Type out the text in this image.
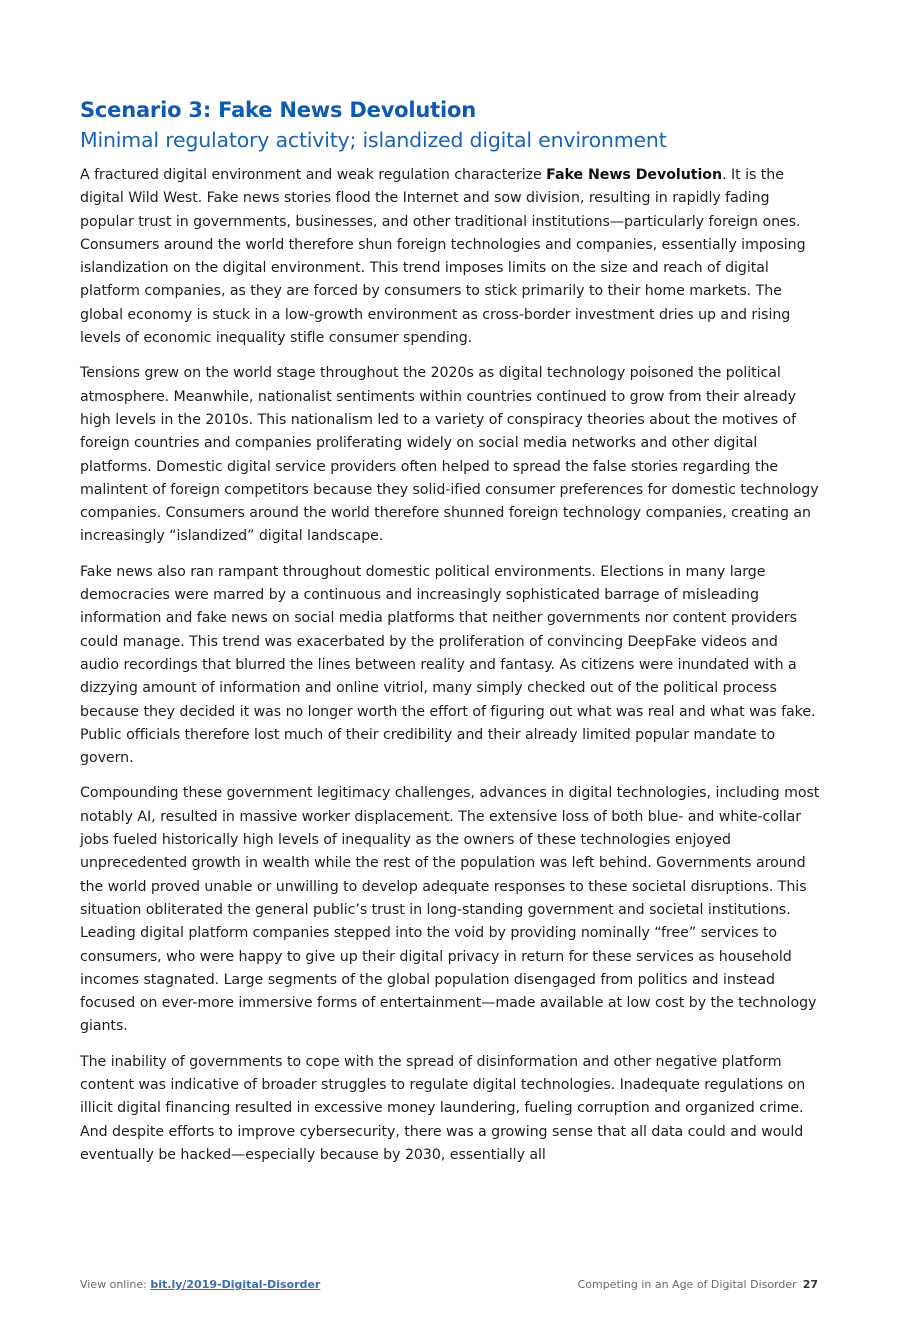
Scenario 3: Fake News Devolution
Minimal regulatory activity; islandized digital environment

A fractured digital environment and weak regulation characterize Fake News Devolution. It is the digital Wild West. Fake news stories flood the Internet and sow division, resulting in rapidly fading popular trust in governments, businesses, and other traditional institutions—particularly foreign ones. Consumers around the world therefore shun foreign technologies and companies, essentially imposing islandization on the digital environment. This trend imposes limits on the size and reach of digital platform companies, as they are forced by consumers to stick primarily to their home markets. The global economy is stuck in a low-growth environment as cross-border investment dries up and rising levels of economic inequality stifle consumer spending.

Tensions grew on the world stage throughout the 2020s as digital technology poisoned the political atmosphere. Meanwhile, nationalist sentiments within countries continued to grow from their already high levels in the 2010s. This nationalism led to a variety of conspiracy theories about the motives of foreign countries and companies proliferating widely on social media networks and other digital platforms. Domestic digital service providers often helped to spread the false stories regarding the malintent of foreign competitors because they solid-ified consumer preferences for domestic technology companies. Consumers around the world therefore shunned foreign technology companies, creating an increasingly “islandized” digital landscape.

Fake news also ran rampant throughout domestic political environments. Elections in many large democracies were marred by a continuous and increasingly sophisticated barrage of misleading information and fake news on social media platforms that neither governments nor content providers could manage. This trend was exacerbated by the proliferation of convincing DeepFake videos and audio recordings that blurred the lines between reality and fantasy. As citizens were inundated with a dizzying amount of information and online vitriol, many simply checked out of the political process because they decided it was no longer worth the effort of figuring out what was real and what was fake. Public officials therefore lost much of their credibility and their already limited popular mandate to govern.

Compounding these government legitimacy challenges, advances in digital technologies, including most notably AI, resulted in massive worker displacement. The extensive loss of both blue- and white-collar jobs fueled historically high levels of inequality as the owners of these technologies enjoyed unprecedented growth in wealth while the rest of the population was left behind. Governments around the world proved unable or unwilling to develop adequate responses to these societal disruptions. This situation obliterated the general public’s trust in long-standing government and societal institutions. Leading digital platform companies stepped into the void by providing nominally “free” services to consumers, who were happy to give up their digital privacy in return for these services as household incomes stagnated. Large segments of the global population disengaged from politics and instead focused on ever-more immersive forms of entertainment—made available at low cost by the technology giants.

The inability of governments to cope with the spread of disinformation and other negative platform content was indicative of broader struggles to regulate digital technologies. Inadequate regulations on illicit digital financing resulted in excessive money laundering, fueling corruption and organized crime. And despite efforts to improve cybersecurity, there was a growing sense that all data could and would eventually be hacked—especially because by 2030, essentially all

View online: bit.ly/2019-Digital-Disorder	Competing in an Age of Digital Disorder 27
